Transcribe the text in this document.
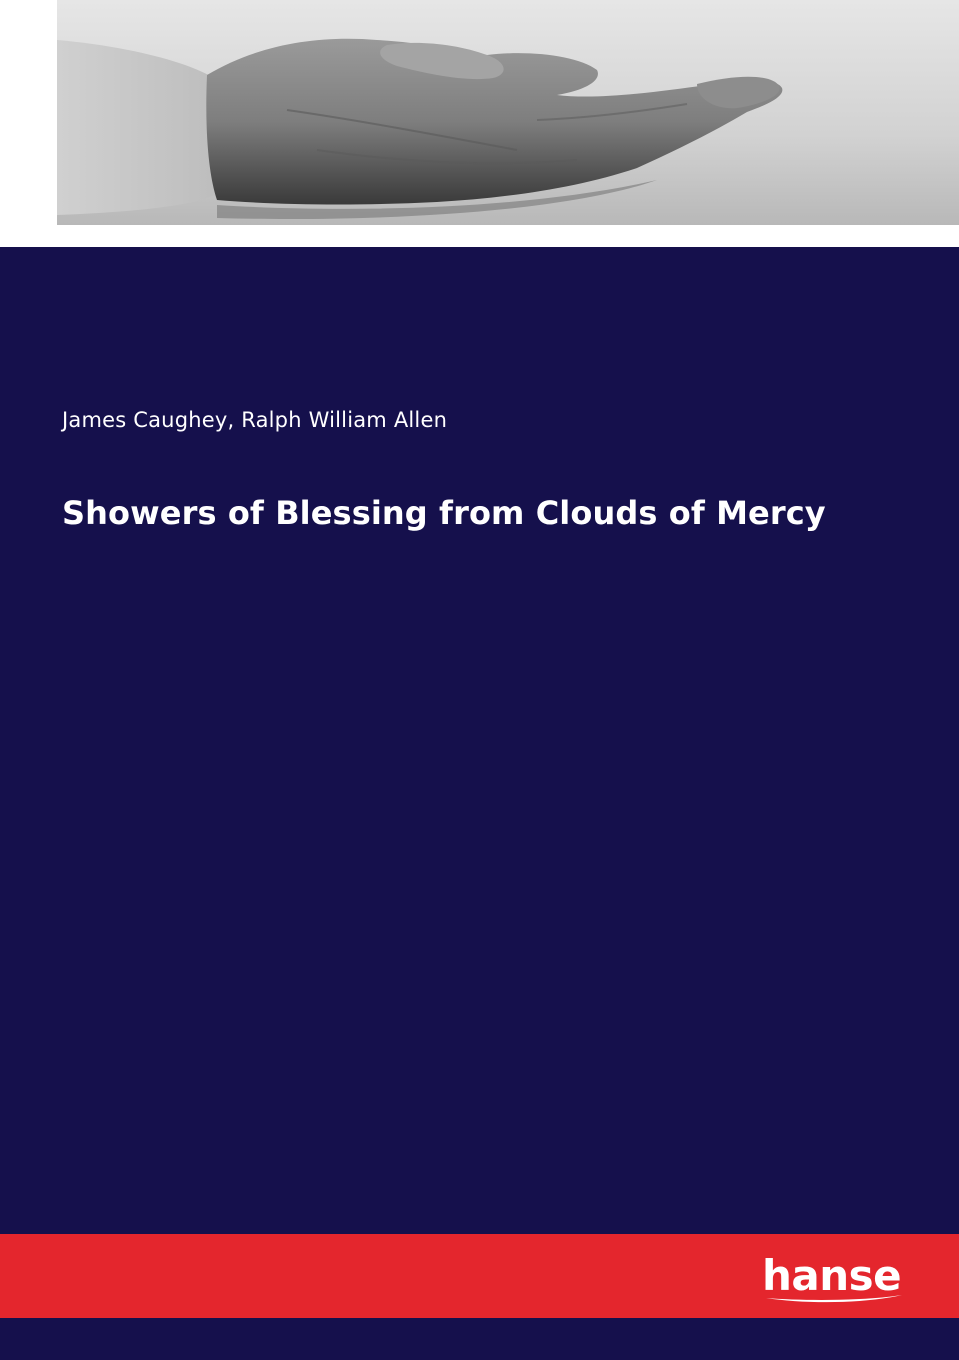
James Caughey, Ralph William Allen
Showers of Blessing from Clouds of Mercy
hanse
